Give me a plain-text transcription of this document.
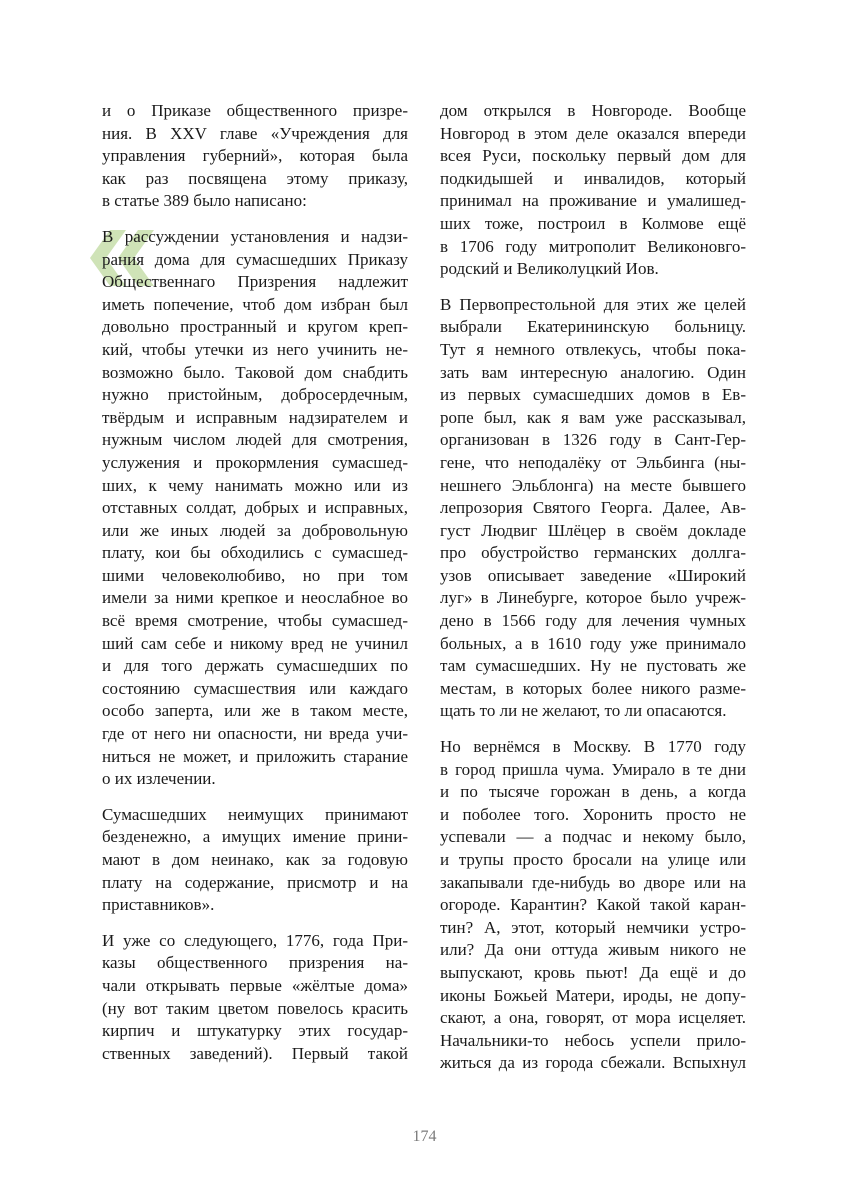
и о Приказе общественного призре-
ния. В XXV главе «Учреждения для
управления губерний», которая была
как раз посвящена этому приказу,
в статье 389 было написано:
В рассуждении установления и надзи-
рания дома для сумасшедших Приказу
Общественнаго Призрения надлежит
иметь попечение, чтоб дом избран был
довольно пространный и кругом креп-
кий, чтобы утечки из него учинить не-
возможно было. Таковой дом снабдить
нужно пристойным, добросердечным,
твёрдым и исправным надзирателем и
нужным числом людей для смотрения,
услужения и прокормления сумасшед-
ших, к чему нанимать можно или из
отставных солдат, добрых и исправных,
или же иных людей за добровольную
плату, кои бы обходились с сумасшед-
шими человеколюбиво, но при том
имели за ними крепкое и неослабное во
всё время смотрение, чтобы сумасшед-
ший сам себе и никому вред не учинил
и для того держать сумасшедших по
состоянию сумасшествия или каждаго
особо заперта, или же в таком месте,
где от него ни опасности, ни вреда учи-
ниться не может, и приложить старание
о их излечении.
Сумасшедших неимущих принимают
безденежно, а имущих имение прини-
мают в дом неинако, как за годовую
плату на содержание, присмотр и на
приставников».
И уже со следующего, 1776, года При-
казы общественного призрения на-
чали открывать первые «жёлтые дома»
(ну вот таким цветом повелось красить
кирпич и штукатурку этих государ-
ственных заведений). Первый такой
дом открылся в Новгороде. Вообще
Новгород в этом деле оказался впереди
всея Руси, поскольку первый дом для
подкидышей и инвалидов, который
принимал на проживание и умалишед-
ших тоже, построил в Колмове ещё
в 1706 году митрополит Великоновго-
родский и Великолуцкий Иов.
В Первопрестольной для этих же целей
выбрали Екатерининскую больницу.
Тут я немного отвлекусь, чтобы пока-
зать вам интересную аналогию. Один
из первых сумасшедших домов в Ев-
ропе был, как я вам уже рассказывал,
организован в 1326 году в Сант-Гер-
гене, что неподалёку от Эльбинга (ны-
нешнего Эльблонга) на месте бывшего
лепрозория Святого Георга. Далее, Ав-
густ Людвиг Шлёцер в своём докладе
про обустройство германских доллга-
узов описывает заведение «Широкий
луг» в Линебурге, которое было учреж-
дено в 1566 году для лечения чумных
больных, а в 1610 году уже принимало
там сумасшедших. Ну не пустовать же
местам, в которых более никого разме-
щать то ли не желают, то ли опасаются.
Но вернёмся в Москву. В 1770 году
в город пришла чума. Умирало в те дни
и по тысяче горожан в день, а когда
и поболее того. Хоронить просто не
успевали — а подчас и некому было,
и трупы просто бросали на улице или
закапывали где-нибудь во дворе или на
огороде. Карантин? Какой такой каран-
тин? А, этот, который немчики устро-
или? Да они оттуда живым никого не
выпускают, кровь пьют! Да ещё и до
иконы Божьей Матери, ироды, не допу-
скают, а она, говорят, от мора исцеляет.
Начальники-то небось успели прило-
житься да из города сбежали. Вспыхнул
174
